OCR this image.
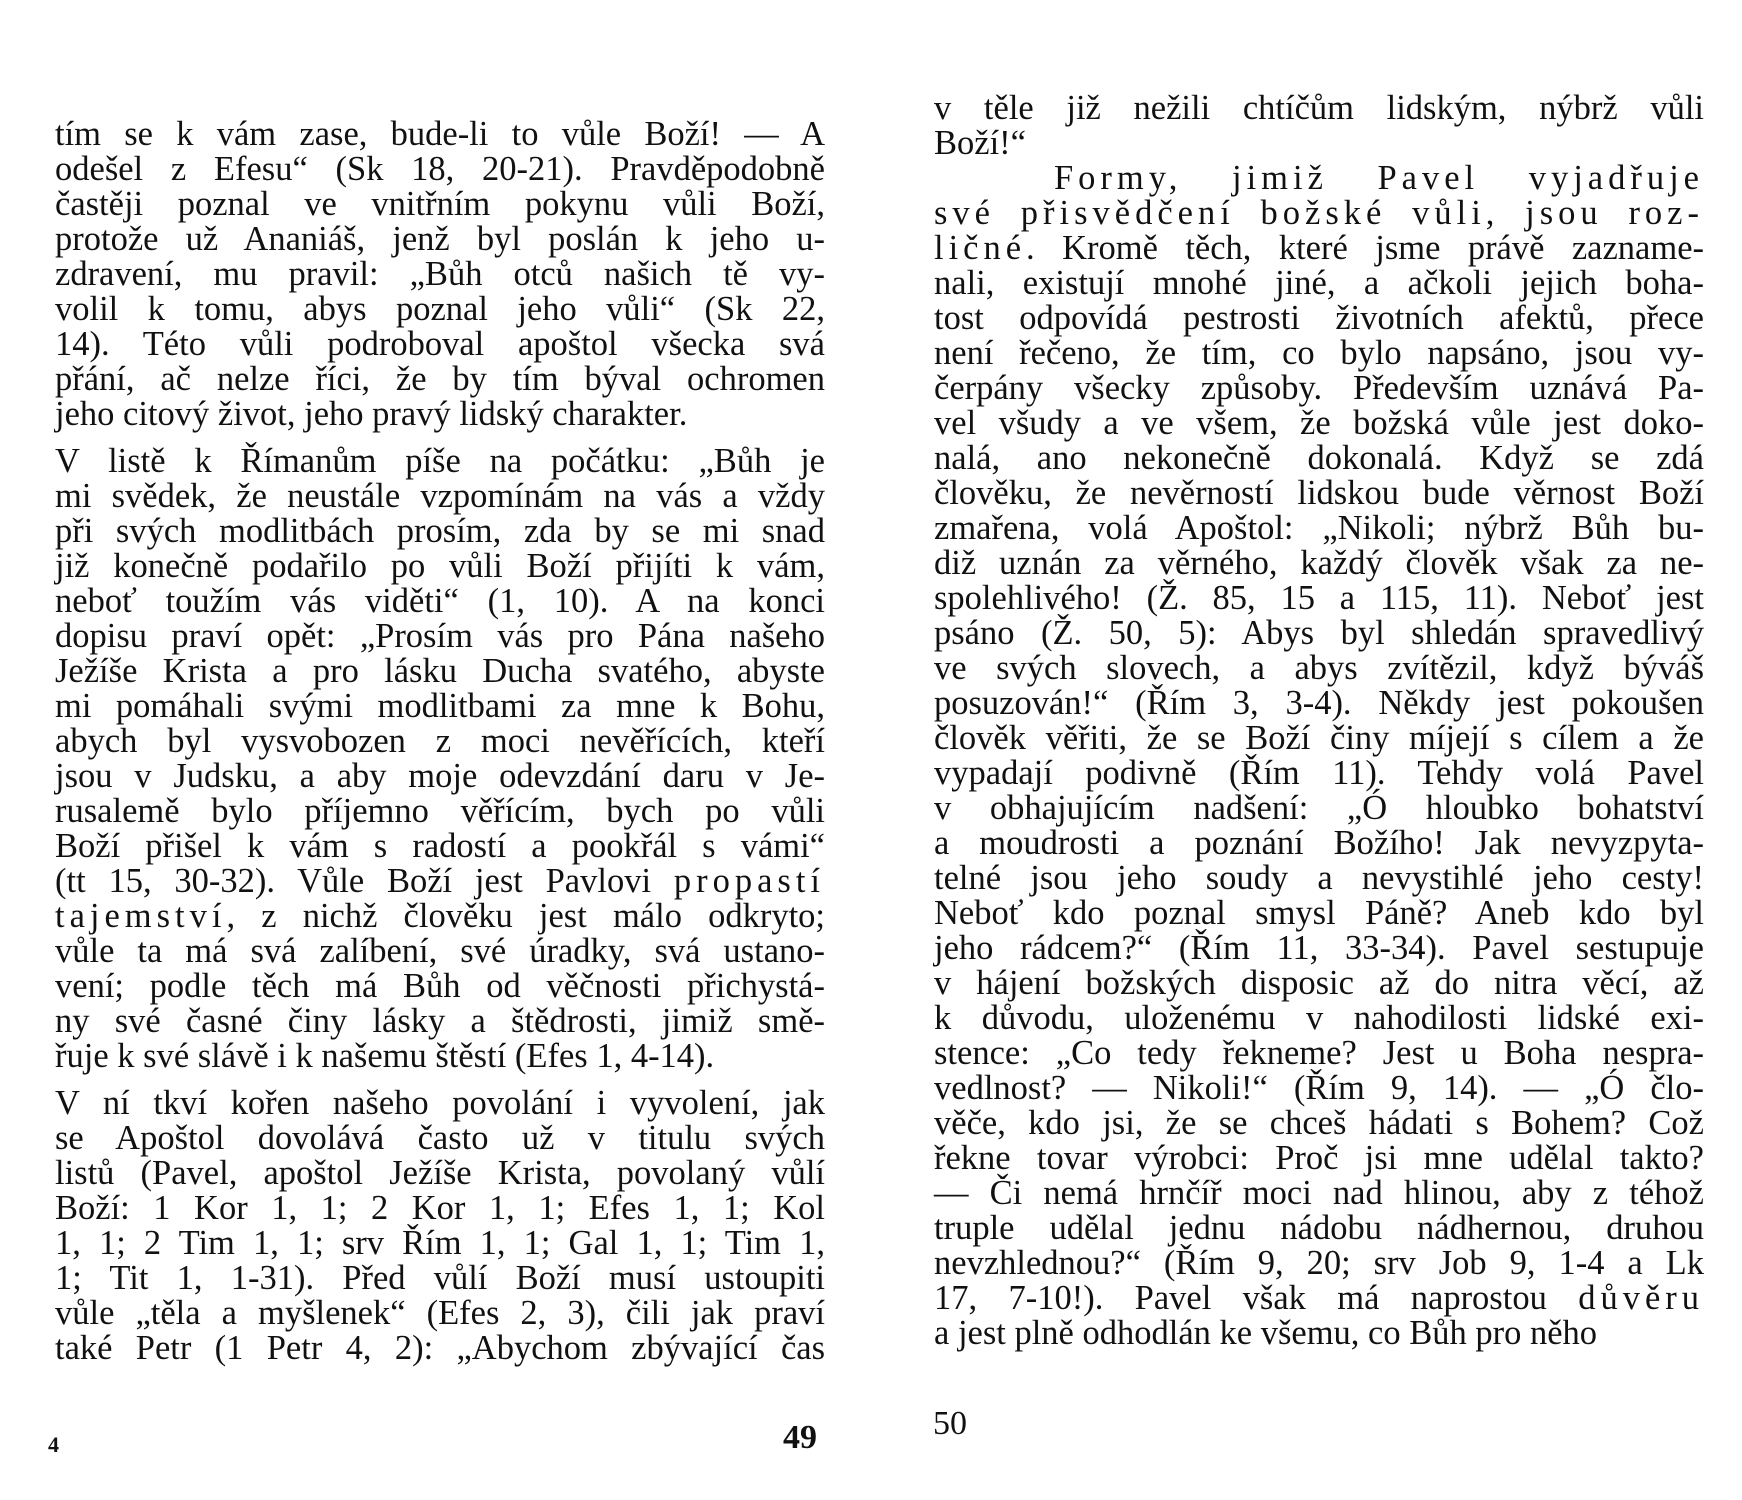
tím se k vám zase, bude-li to vůle Boží! — A
odešel z Efesu“ (Sk 18, 20-21). Pravděpodobně
častěji poznal ve vnitřním pokynu vůli Boží,
protože už Ananiáš, jenž byl poslán k jeho u-
zdravení, mu pravil: „Bůh otců našich tě vy-
volil k tomu, abys poznal jeho vůli“ (Sk 22,
14). Této vůli podroboval apoštol všecka svá
přání, ač nelze říci, že by tím býval ochromen
jeho citový život, jeho pravý lidský charakter.
V listě k Římanům píše na počátku: „Bůh je
mi svědek, že neustále vzpomínám na vás a vždy
při svých modlitbách prosím, zda by se mi snad
již konečně podařilo po vůli Boží přijíti k vám,
neboť toužím vás viděti“ (1, 10). A na konci
dopisu praví opět: „Prosím vás pro Pána našeho
Ježíše Krista a pro lásku Ducha svatého, abyste
mi pomáhali svými modlitbami za mne k Bohu,
abych byl vysvobozen z moci nevěřících, kteří
jsou v Judsku, a aby moje odevzdání daru v Je-
rusalemě bylo příjemno věřícím, bych po vůli
Boží přišel k vám s radostí a pookřál s vámi“
(tt 15, 30-32). Vůle Boží jest Pavlovi propastí
tajemství, z nichž člověku jest málo odkryto;
vůle ta má svá zalíbení, své úradky, svá ustano-
vení; podle těch má Bůh od věčnosti přichystá-
ny své časné činy lásky a štědrosti, jimiž smě-
řuje k své slávě i k našemu štěstí (Efes 1, 4-14).
V ní tkví kořen našeho povolání i vyvolení, jak
se Apoštol dovolává často už v titulu svých
listů (Pavel, apoštol Ježíše Krista, povolaný vůlí
Boží: 1 Kor 1, 1; 2 Kor 1, 1; Efes 1, 1; Kol
1, 1; 2 Tim 1, 1; srv Řím 1, 1; Gal 1, 1; Tim 1,
1; Tit 1, 1-31). Před vůlí Boží musí ustoupiti
vůle „těla a myšlenek“ (Efes 2, 3), čili jak praví
také Petr (1 Petr 4, 2): „Abychom zbývající čas
4	49
v těle již nežili chtíčům lidským, nýbrž vůli
Boží!“
Formy, jimiž Pavel vyjadřuje
své přisvědčení božské vůli, jsou roz-
ličné. Kromě těch, které jsme právě zazname-
nali, existují mnohé jiné, a ačkoli jejich boha-
tost odpovídá pestrosti životních afektů, přece
není řečeno, že tím, co bylo napsáno, jsou vy-
čerpány všecky způsoby. Především uznává Pa-
vel všudy a ve všem, že božská vůle jest doko-
nalá, ano nekonečně dokonalá. Když se zdá
člověku, že nevěrností lidskou bude věrnost Boží
zmařena, volá Apoštol: „Nikoli; nýbrž Bůh bu-
diž uznán za věrného, každý člověk však za ne-
spolehlivého! (Ž. 85, 15 a 115, 11). Neboť jest
psáno (Ž. 50, 5): Abys byl shledán spravedlivý
ve svých slovech, a abys zvítězil, když býváš
posuzován!“ (Řím 3, 3-4). Někdy jest pokoušen
člověk věřiti, že se Boží činy míjejí s cílem a že
vypadají podivně (Řím 11). Tehdy volá Pavel
v obhajujícím nadšení: „Ó hloubko bohatství
a moudrosti a poznání Božího! Jak nevyzpyta-
telné jsou jeho soudy a nevystihlé jeho cesty!
Neboť kdo poznal smysl Páně? Aneb kdo byl
jeho rádcem?“ (Řím 11, 33-34). Pavel sestupuje
v hájení božských disposic až do nitra věcí, až
k důvodu, uloženému v nahodilosti lidské exi-
stence: „Co tedy řekneme? Jest u Boha nespra-
vedlnost? — Nikoli!“ (Řím 9, 14). — „Ó člo-
věče, kdo jsi, že se chceš hádati s Bohem? Což
řekne tovar výrobci: Proč jsi mne udělal takto?
— Či nemá hrnčíř moci nad hlinou, aby z téhož
truple udělal jednu nádobu nádhernou, druhou
nevzhlednou?“ (Řím 9, 20; srv Job 9, 1-4 a Lk
17, 7-10!). Pavel však má naprostou důvěru
a jest plně odhodlán ke všemu, co Bůh pro něho
50
